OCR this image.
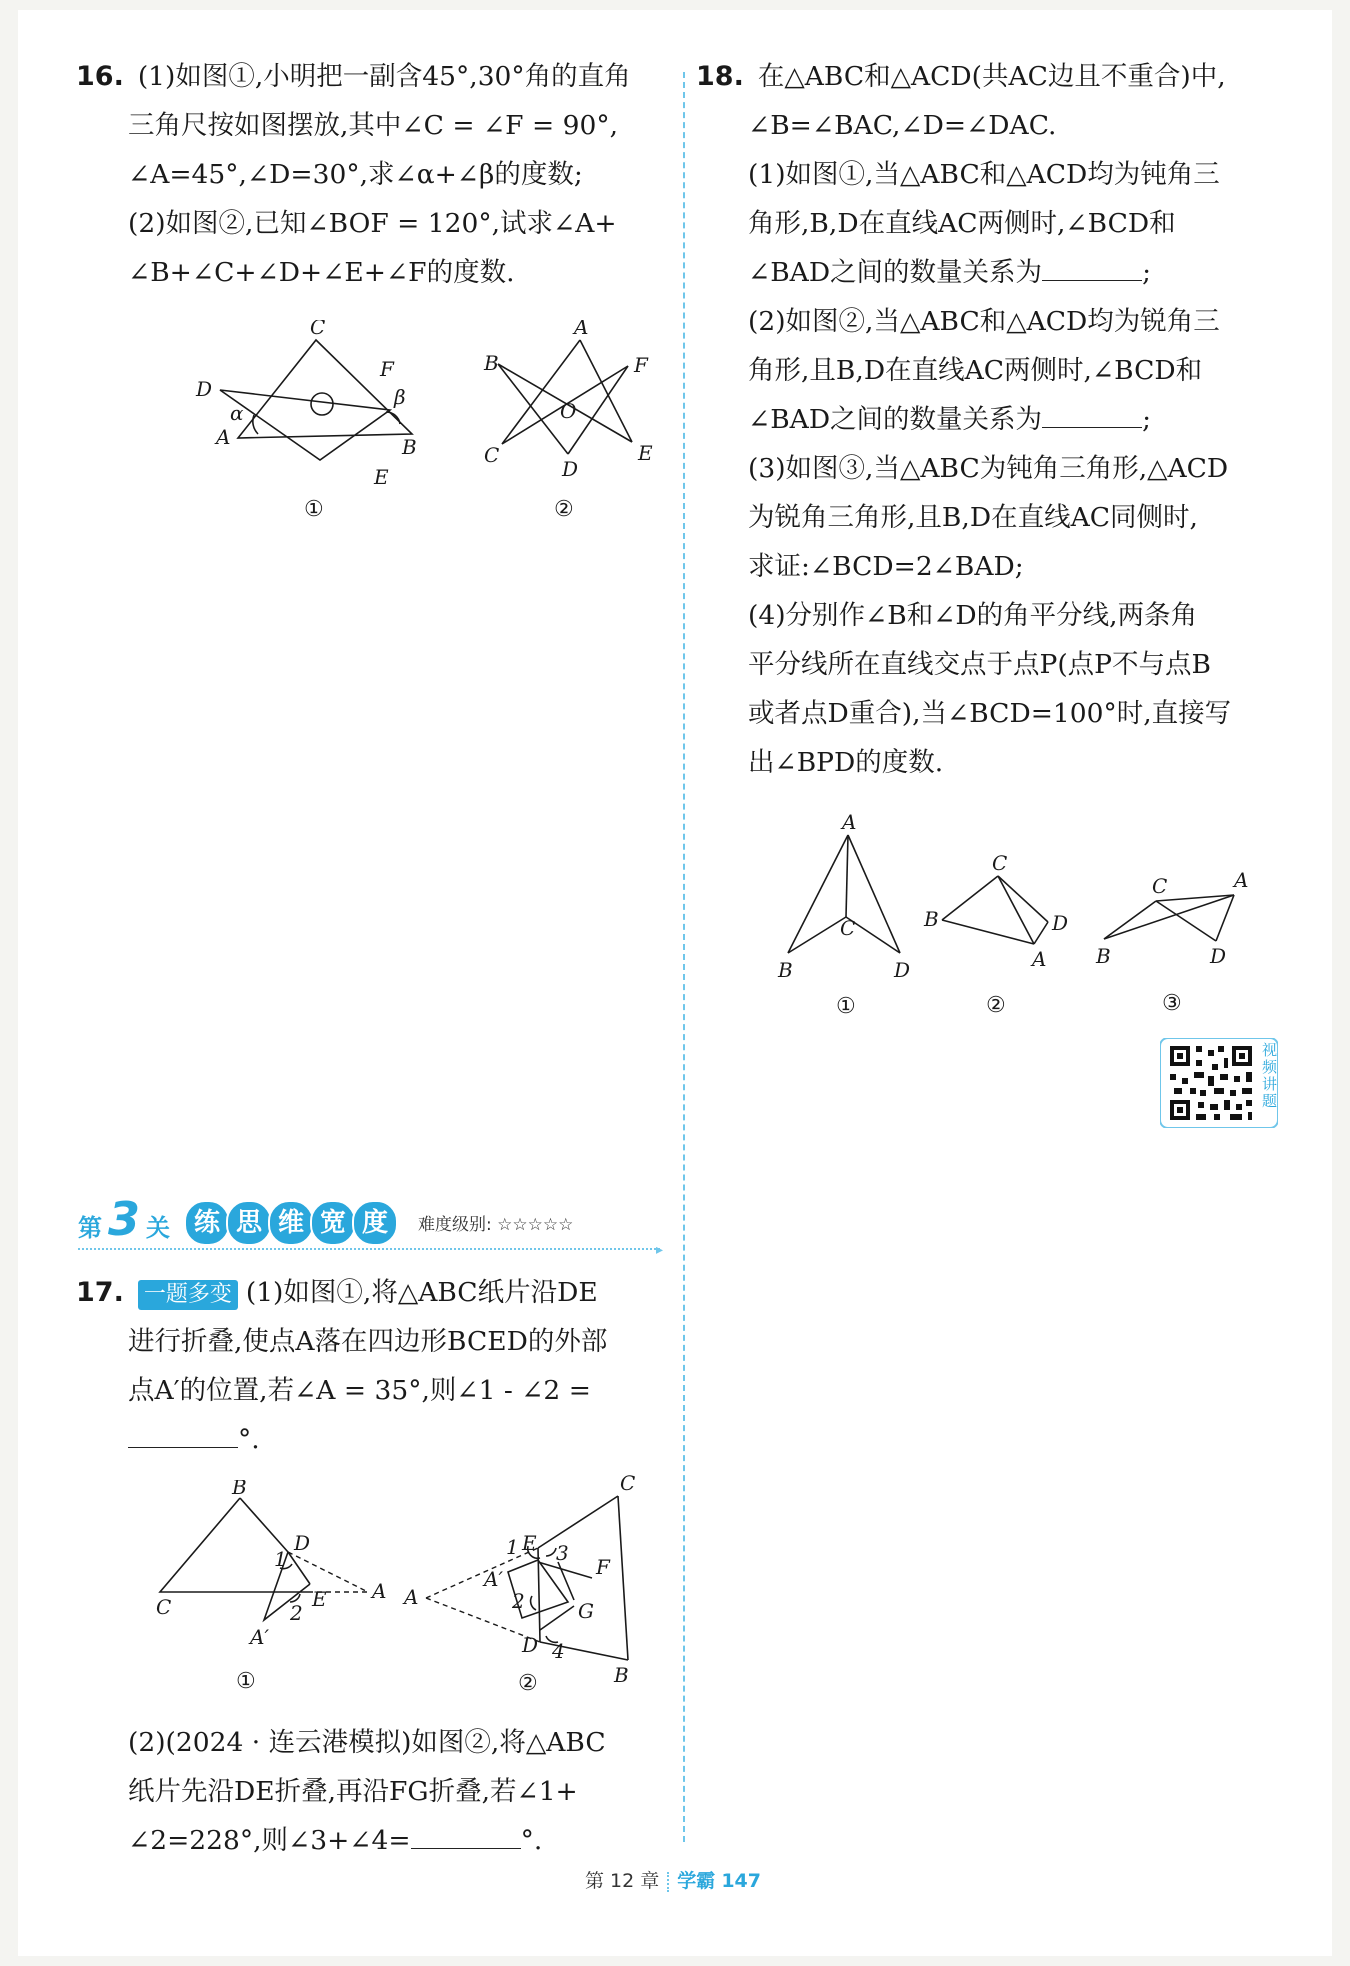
16. (1)如图①,小明把一副含45°,30°角的直角
三角尺按如图摆放,其中∠C = ∠F = 90°,
∠A=45°,∠D=30°,求∠α+∠β的度数;
(2)如图②,已知∠BOF = 120°,试求∠A+
∠B+∠C+∠D+∠E+∠F的度数.
C
F
D
α
β
A	B
E
①
A
B	F
O
C	E
D
②
第 3 关 练 思 维 宽 度	难度级别: ☆☆☆☆☆
▸
17. 一题多变 (1)如图①,将△ABC纸片沿DE
进行折叠,使点A落在四边形BCED的外部
点A′的位置,若∠A = 35°,则∠1 - ∠2 =
°.
B
D
1
C	E A
2
A′
①
C
1 E 3
F
A′
A	2	G
D 4
B
②
(2)(2024 · 连云港模拟)如图②,将△ABC
纸片先沿DE折叠,再沿FG折叠,若∠1+
∠2=228°,则∠3+∠4=	°.
18. 在△ABC和△ACD(共AC边且不重合)中,
∠B=∠BAC,∠D=∠DAC.
(1)如图①,当△ABC和△ACD均为钝角三
角形,B,D在直线AC两侧时,∠BCD和
∠BAD之间的数量关系为	;
(2)如图②,当△ABC和△ACD均为锐角三
角形,且B,D在直线AC两侧时,∠BCD和
∠BAD之间的数量关系为	;
(3)如图③,当△ABC为钝角三角形,△ACD
为锐角三角形,且B,D在直线AC同侧时,
求证:∠BCD=2∠BAD;
(4)分别作∠B和∠D的角平分线,两条角
平分线所在直线交点于点P(点P不与点B
或者点D重合),当∠BCD=100°时,直接写
出∠BPD的度数.
A
C
B	D
①
C
B	D
A
②
C	A
B	D
③
视频讲题
第 12 章 学霸 147
